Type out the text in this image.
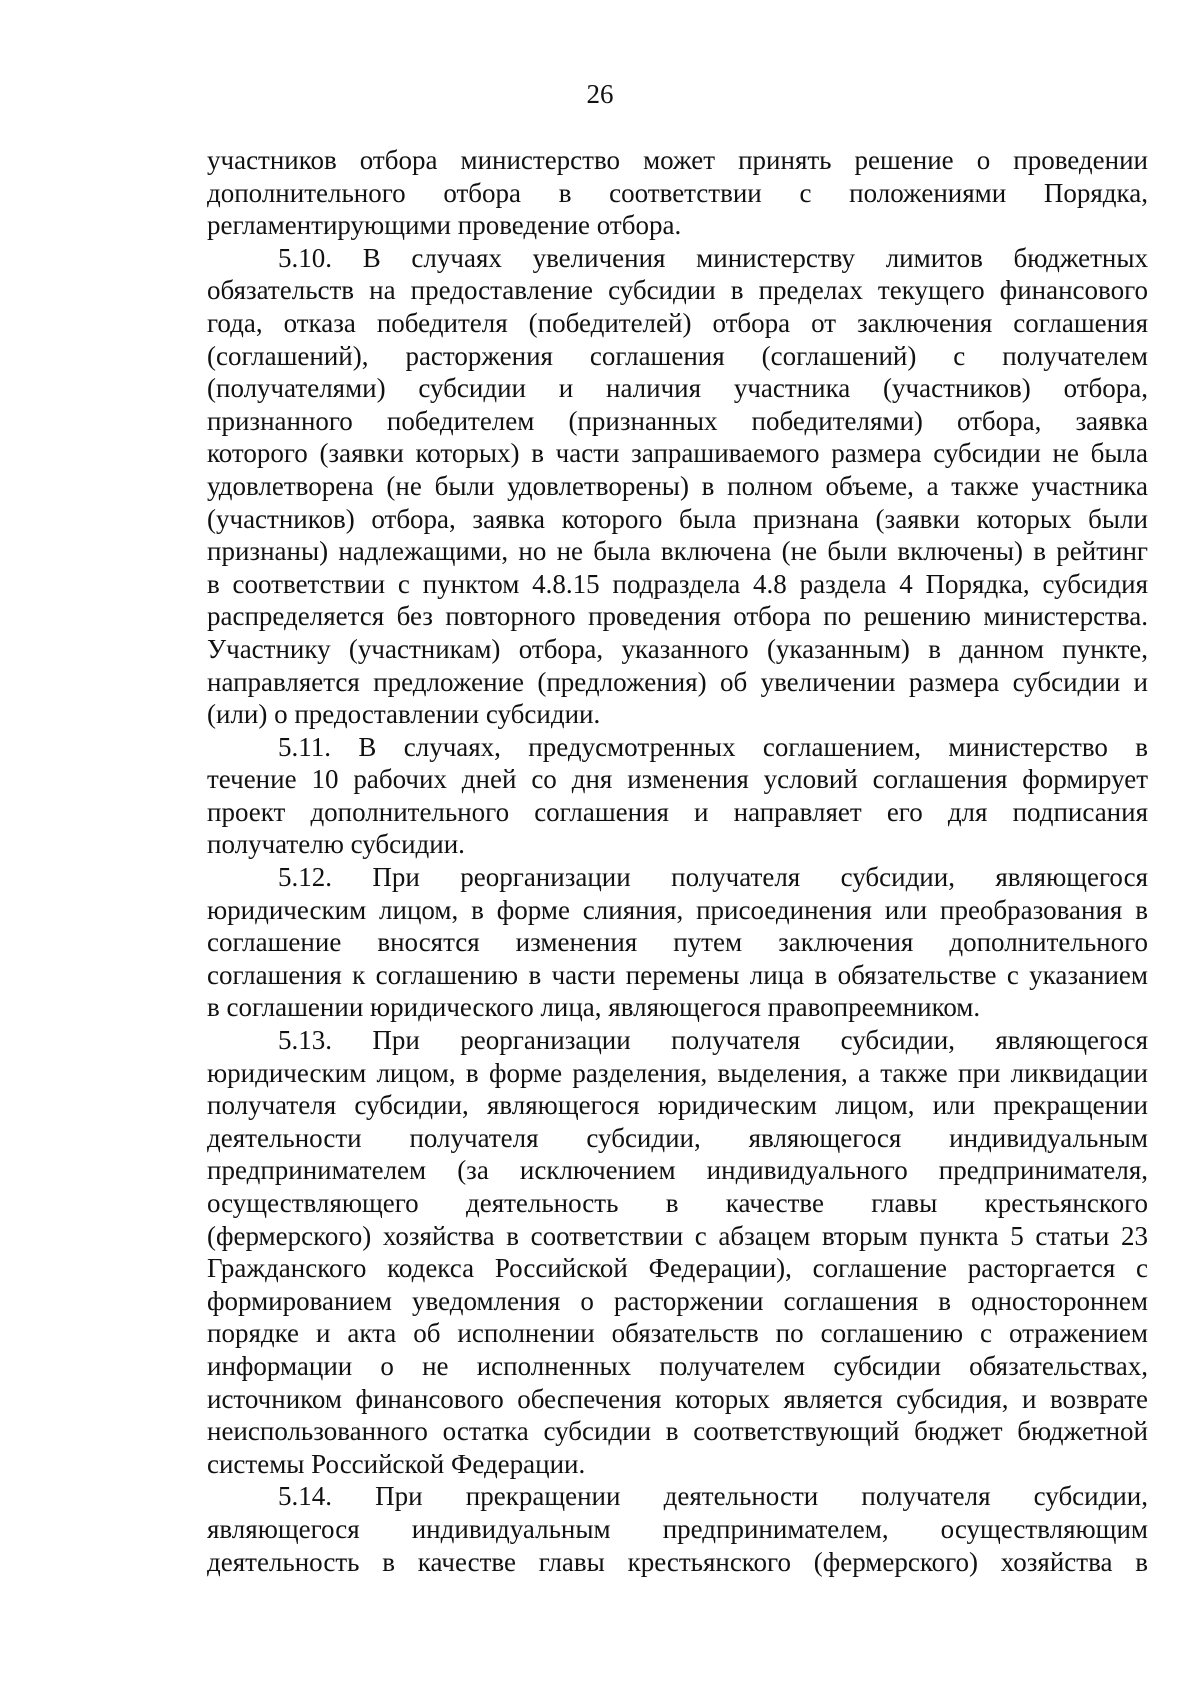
26

участников отбора министерство может принять решение о проведении

дополнительного отбора в соответствии с положениями Порядка,

регламентирующими проведение отбора.

5.10. В случаях увеличения министерству лимитов бюджетных

обязательств на предоставление субсидии в пределах текущего финансового

года, отказа победителя (победителей) отбора от заключения соглашения

(соглашений), расторжения соглашения (соглашений) с получателем

(получателями) субсидии и наличия участника (участников) отбора,

признанного победителем (признанных победителями) отбора, заявка

которого (заявки которых) в части запрашиваемого размера субсидии не была

удовлетворена (не были удовлетворены) в полном объеме, а также участника

(участников) отбора, заявка которого была признана (заявки которых были

признаны) надлежащими, но не была включена (не были включены) в рейтинг

в соответствии с пунктом 4.8.15 подраздела 4.8 раздела 4 Порядка, субсидия

распределяется без повторного проведения отбора по решению министерства.

Участнику (участникам) отбора, указанного (указанным) в данном пункте,

направляется предложение (предложения) об увеличении размера субсидии и

(или) о предоставлении субсидии.

5.11. В случаях, предусмотренных соглашением, министерство в

течение 10 рабочих дней со дня изменения условий соглашения формирует

проект дополнительного соглашения и направляет его для подписания

получателю субсидии.

5.12. При реорганизации получателя субсидии, являющегося

юридическим лицом, в форме слияния, присоединения или преобразования в

соглашение вносятся изменения путем заключения дополнительного

соглашения к соглашению в части перемены лица в обязательстве с указанием

в соглашении юридического лица, являющегося правопреемником.

5.13. При реорганизации получателя субсидии, являющегося

юридическим лицом, в форме разделения, выделения, а также при ликвидации

получателя субсидии, являющегося юридическим лицом, или прекращении

деятельности получателя субсидии, являющегося индивидуальным

предпринимателем (за исключением индивидуального предпринимателя,

осуществляющего деятельность в качестве главы крестьянского

(фермерского) хозяйства в соответствии с абзацем вторым пункта 5 статьи 23

Гражданского кодекса Российской Федерации), соглашение расторгается с

формированием уведомления о расторжении соглашения в одностороннем

порядке и акта об исполнении обязательств по соглашению с отражением

информации о не исполненных получателем субсидии обязательствах,

источником финансового обеспечения которых является субсидия, и возврате

неиспользованного остатка субсидии в соответствующий бюджет бюджетной

системы Российской Федерации.

5.14. При прекращении деятельности получателя субсидии,

являющегося индивидуальным предпринимателем, осуществляющим

деятельность в качестве главы крестьянского (фермерского) хозяйства в
